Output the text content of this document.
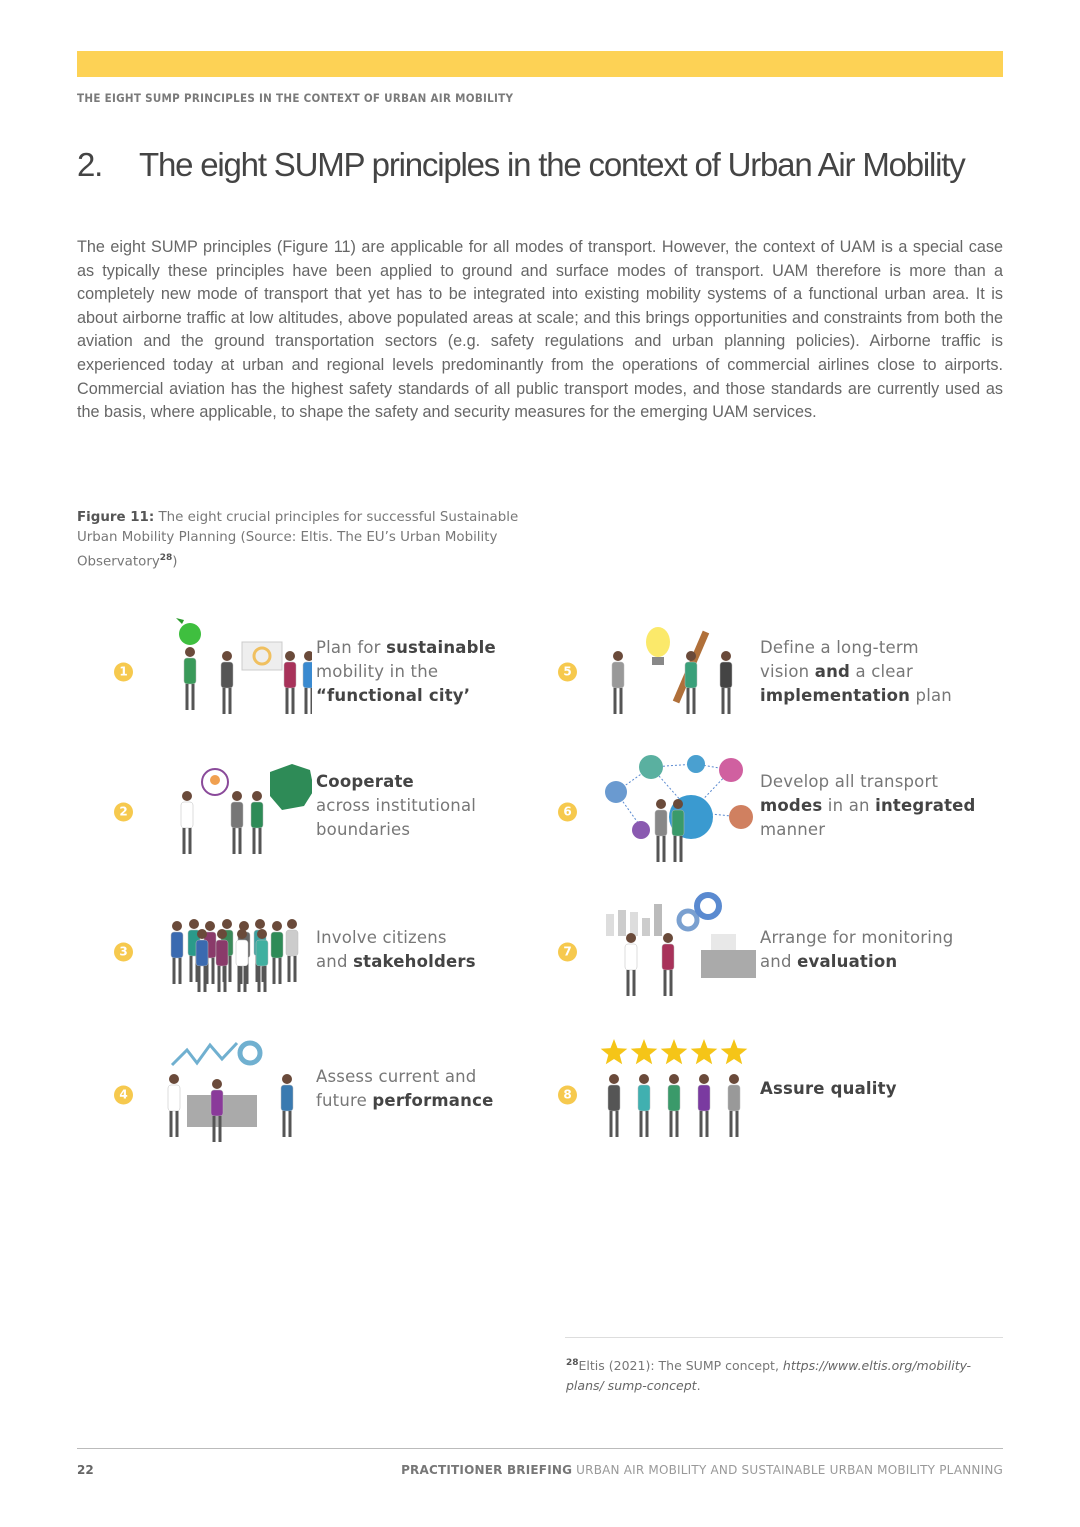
THE EIGHT SUMP PRINCIPLES IN THE CONTEXT OF URBAN AIR MOBILITY
2. The eight SUMP principles in the context of Urban Air Mobility
The eight SUMP principles (Figure 11) are applicable for all modes of transport. However, the context of UAM is a special case as typically these principles have been applied to ground and surface modes of transport. UAM therefore is more than a completely new mode of transport that yet has to be integrated into existing mobility systems of a functional urban area. It is about airborne traffic at low altitudes, above populated areas at scale; and this brings opportunities and constraints from both the aviation and the ground transportation sectors (e.g. safety regulations and urban planning policies). Airborne traffic is experienced today at urban and regional levels predominantly from the operations of commercial airlines close to airports. Commercial aviation has the highest safety standards of all public transport modes, and those standards are currently used as the basis, where applicable, to shape the safety and security measures for the emerging UAM services.
Figure 11: The eight crucial principles for successful Sustainable Urban Mobility Planning (Source: Eltis. The EU’s Urban Mobility Observatory$^{28}$)
1
Plan for sustainable
mobility in the
“functional city’
2
Cooperate
across institutional
boundaries
3
Involve citizens
and stakeholders
4
Assess current and
future performance
5
Define a long-term
vision and a clear
implementation plan
6
Develop all transport
modes in an integrated
manner
7
Arrange for monitoring
and evaluation
8	Assure quality
$^{28}$Eltis (2021): The SUMP concept, https://www.eltis.org/mobility-plans/ sump-concept.
22	PRACTITIONER BRIEFING URBAN AIR MOBILITY AND SUSTAINABLE URBAN MOBILITY PLANNING
